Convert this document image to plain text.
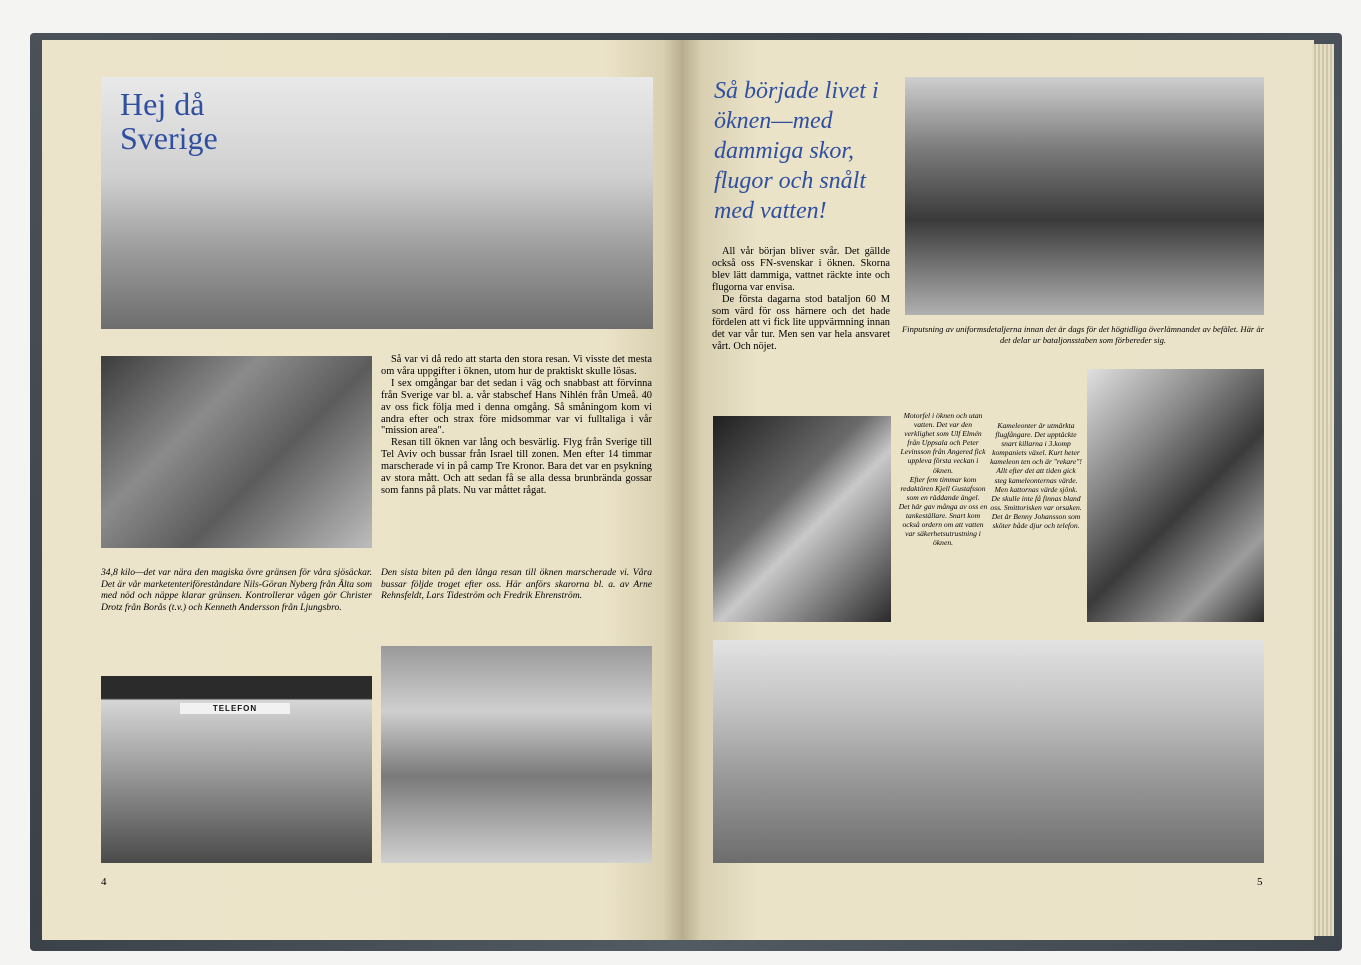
Hej då
Sverige

Så var vi då redo att starta den stora resan. Vi visste det mesta om våra uppgifter i öknen, utom hur de praktiskt skulle lösas.

I sex omgångar bar det sedan i väg och snabbast att förvinna från Sverige var bl. a. vår stabschef Hans Nihlén från Umeå. 40 av oss fick följa med i denna omgång. Så småningom kom vi andra efter och strax före midsommar var vi fulltaliga i vår "mission area".

Resan till öknen var lång och besvärlig. Flyg från Sverige till Tel Aviv och bussar från Israel till zonen. Men efter 14 timmar marscherade vi in på camp Tre Kronor. Bara det var en psykning av stora mått. Och att sedan få se alla dessa brunbrända gossar som fanns på plats. Nu var måttet rågat.

34,8 kilo—det var nära den magiska övre gränsen för våra sjösäckar. Det är vår marketenteriföreståndare Nils-Göran Nyberg från Älta som med nöd och näppe klarar gränsen. Kontrollerar vågen gör Christer Drotz från Borås (t.v.) och Kenneth Andersson från Ljungsbro.

Den sista biten på den långa resan till öknen marscherade vi. Våra bussar följde troget efter oss. Här anförs skarorna bl. a. av Arne Rehnsfeldt, Lars Tideström och Fredrik Ehrenström.

TELEFON
4
Så började livet i öknen—med dammiga skor, flugor och snålt med vatten!

All vår början bliver svår. Det gällde också oss FN-svenskar i öknen. Skorna blev lätt dammiga, vattnet räckte inte och flugorna var envisa.

De första dagarna stod bataljon 60 M som värd för oss härnere och det hade fördelen att vi fick lite uppvärmning innan det var vår tur. Men sen var hela ansvaret vårt. Och nöjet.

Finputsning av uniformsdetaljerna innan det är dags för det högtidliga överlämnandet av befälet. Här är det delar ur bataljonsstaben som förbereder sig.

Motorfel i öknen och utan vatten. Det var den verklighet som Ulf Elmén från Uppsala och Peter Levinsson från Angered fick uppleva första veckan i öknen.

Efter fem timmar kom redaktören Kjell Gustafsson som en räddande ängel.

Det här gav många av oss en tankeställare. Snart kom också ordern om att vatten var säkerhetsutrustning i öknen.

Kameleonter är utmärkta flugfångare. Det upptäckte snart killarna i 3.komp kompaniets växel. Kurt heter kameleon ten och är "rekare"!

Allt efter det att tiden gick steg kameleonternas värde. Men kattornas värde sjönk. De skulle inte få finnas bland oss. Smittorisken var orsaken.

Det är Benny Johansson som sköter både djur och telefon.

5
